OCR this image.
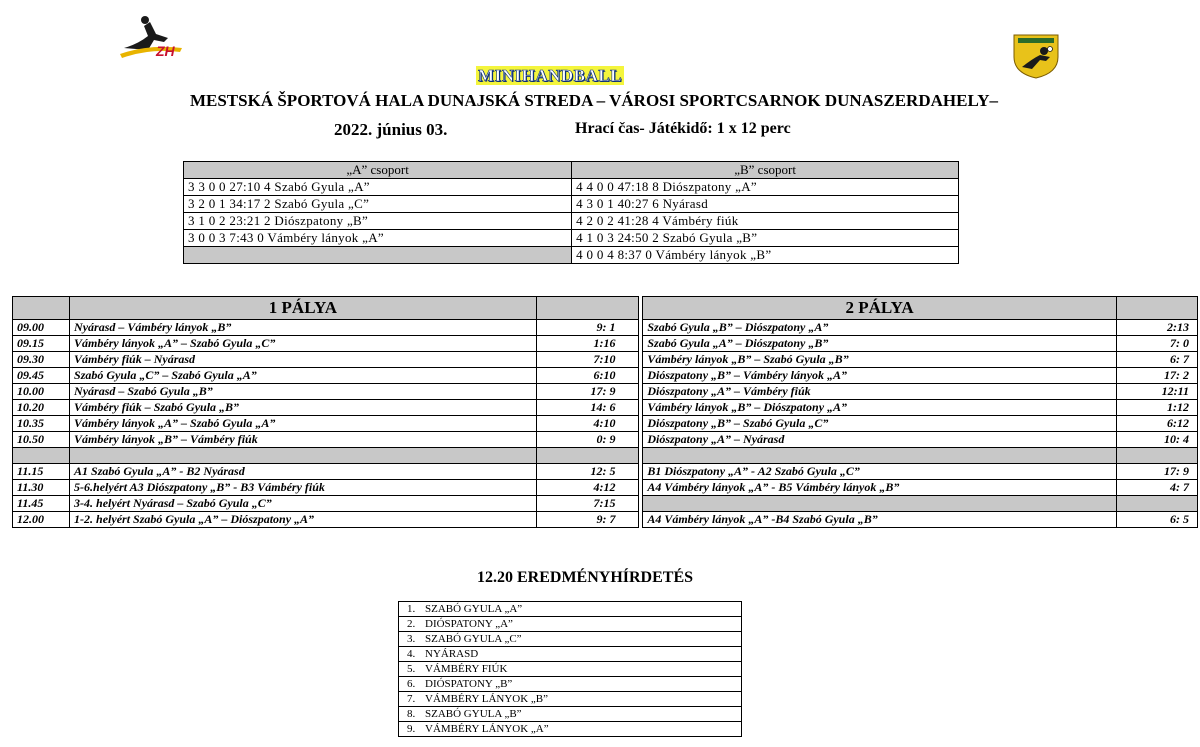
ZH
MINIHANDBALL
MESTSKÁ ŠPORTOVÁ HALA DUNAJSKÁ STREDA – VÁROSI SPORTCSARNOK DUNASZERDAHELY–
2022. június 03.	Hrací čas- Játékidő: 1 x 12 perc
„A” csoport	„B” csoport
3 3 0 0 27:10 4 Szabó Gyula „A”	4 4 0 0 47:18 8 Diószpatony „A”
3 2 0 1 34:17 2 Szabó Gyula „C”	4 3 0 1 40:27 6 Nyárasd
3 1 0 2 23:21 2 Diószpatony „B”	4 2 0 2 41:28 4 Vámbéry fiúk
3 0 0 3 7:43 0 Vámbéry lányok „A”	4 1 0 3 24:50 2 Szabó Gyula „B”
	4 0 0 4 8:37 0 Vámbéry lányok „B”
	1 PÁLYA			2 PÁLYA	
09.00	Nyárasd – Vámbéry lányok „B”	9: 1		Szabó Gyula „B” – Diószpatony „A”	2:13
09.15	Vámbéry lányok „A” – Szabó Gyula „C”	1:16		Szabó Gyula „A” – Diószpatony „B”	7: 0
09.30	Vámbéry fiúk – Nyárasd	7:10		Vámbéry lányok „B” – Szabó Gyula „B”	6: 7
09.45	Szabó Gyula „C” – Szabó Gyula „A”	6:10		Diószpatony „B” – Vámbéry lányok „A”	17: 2
10.00	Nyárasd – Szabó Gyula „B”	17: 9		Diószpatony „A” – Vámbéry fiúk	12:11
10.20	Vámbéry fiúk – Szabó Gyula „B”	14: 6		Vámbéry lányok „B” – Diószpatony „A”	1:12
10.35	Vámbéry lányok „A” – Szabó Gyula „A”	4:10		Diószpatony „B” – Szabó Gyula „C”	6:12
10.50	Vámbéry lányok „B” – Vámbéry fiúk	0: 9		Diószpatony „A” – Nyárasd	10: 4

11.15	A1 Szabó Gyula „A” - B2 Nyárasd	12: 5		B1 Diószpatony „A” - A2 Szabó Gyula „C”	17: 9
11.30	5-6.helyért A3 Diószpatony „B” - B3 Vámbéry fiúk	4:12		A4 Vámbéry lányok „A” - B5 Vámbéry lányok „B”	4: 7
11.45	3-4. helyért Nyárasd – Szabó Gyula „C”	7:15			
12.00	1-2. helyért Szabó Gyula „A” – Diószpatony „A”	9: 7		A4 Vámbéry lányok „A” -B4 Szabó Gyula „B”	6: 5
12.20 EREDMÉNYHÍRDETÉS
1. SZABÓ GYULA „A”
2. DIÓSPATONY „A”
3. SZABÓ GYULA „C”
4. NYÁRASD
5. VÁMBÉRY FIÚK
6. DIÓSPATONY „B”
7. VÁMBÉRY LÁNYOK „B”
8. SZABÓ GYULA „B”
9. VÁMBÉRY LÁNYOK „A”
